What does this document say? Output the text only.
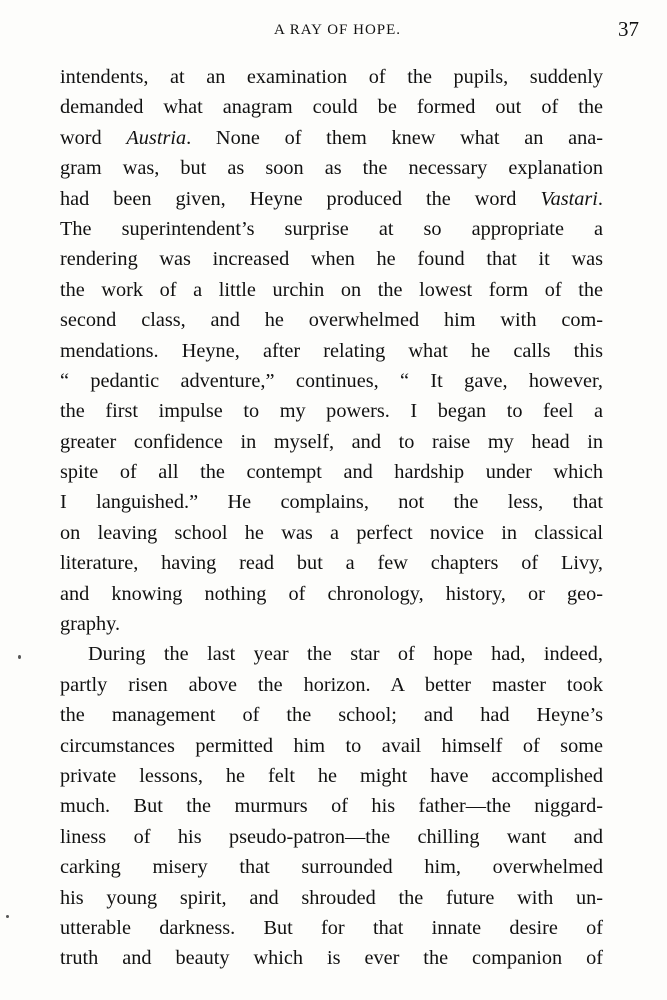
A RAY OF HOPE.	37
intendents, at an examination of the pupils, suddenly
demanded what anagram could be formed out of the
word Austria. None of them knew what an ana-
gram was, but as soon as the necessary explanation
had been given, Heyne produced the word Vastari.
The superintendent’s surprise at so appropriate a
rendering was increased when he found that it was
the work of a little urchin on the lowest form of the
second class, and he overwhelmed him with com-
mendations. Heyne, after relating what he calls this
“ pedantic adventure,” continues, “ It gave, however,
the first impulse to my powers. I began to feel a
greater confidence in myself, and to raise my head in
spite of all the contempt and hardship under which
I languished.” He complains, not the less, that
on leaving school he was a perfect novice in classical
literature, having read but a few chapters of Livy,
and knowing nothing of chronology, history, or geo-
graphy.
During the last year the star of hope had, indeed,
partly risen above the horizon. A better master took
the management of the school; and had Heyne’s
circumstances permitted him to avail himself of some
private lessons, he felt he might have accomplished
much. But the murmurs of his father—the niggard-
liness of his pseudo-patron—the chilling want and
carking misery that surrounded him, overwhelmed
his young spirit, and shrouded the future with un-
utterable darkness. But for that innate desire of
truth and beauty which is ever the companion of
